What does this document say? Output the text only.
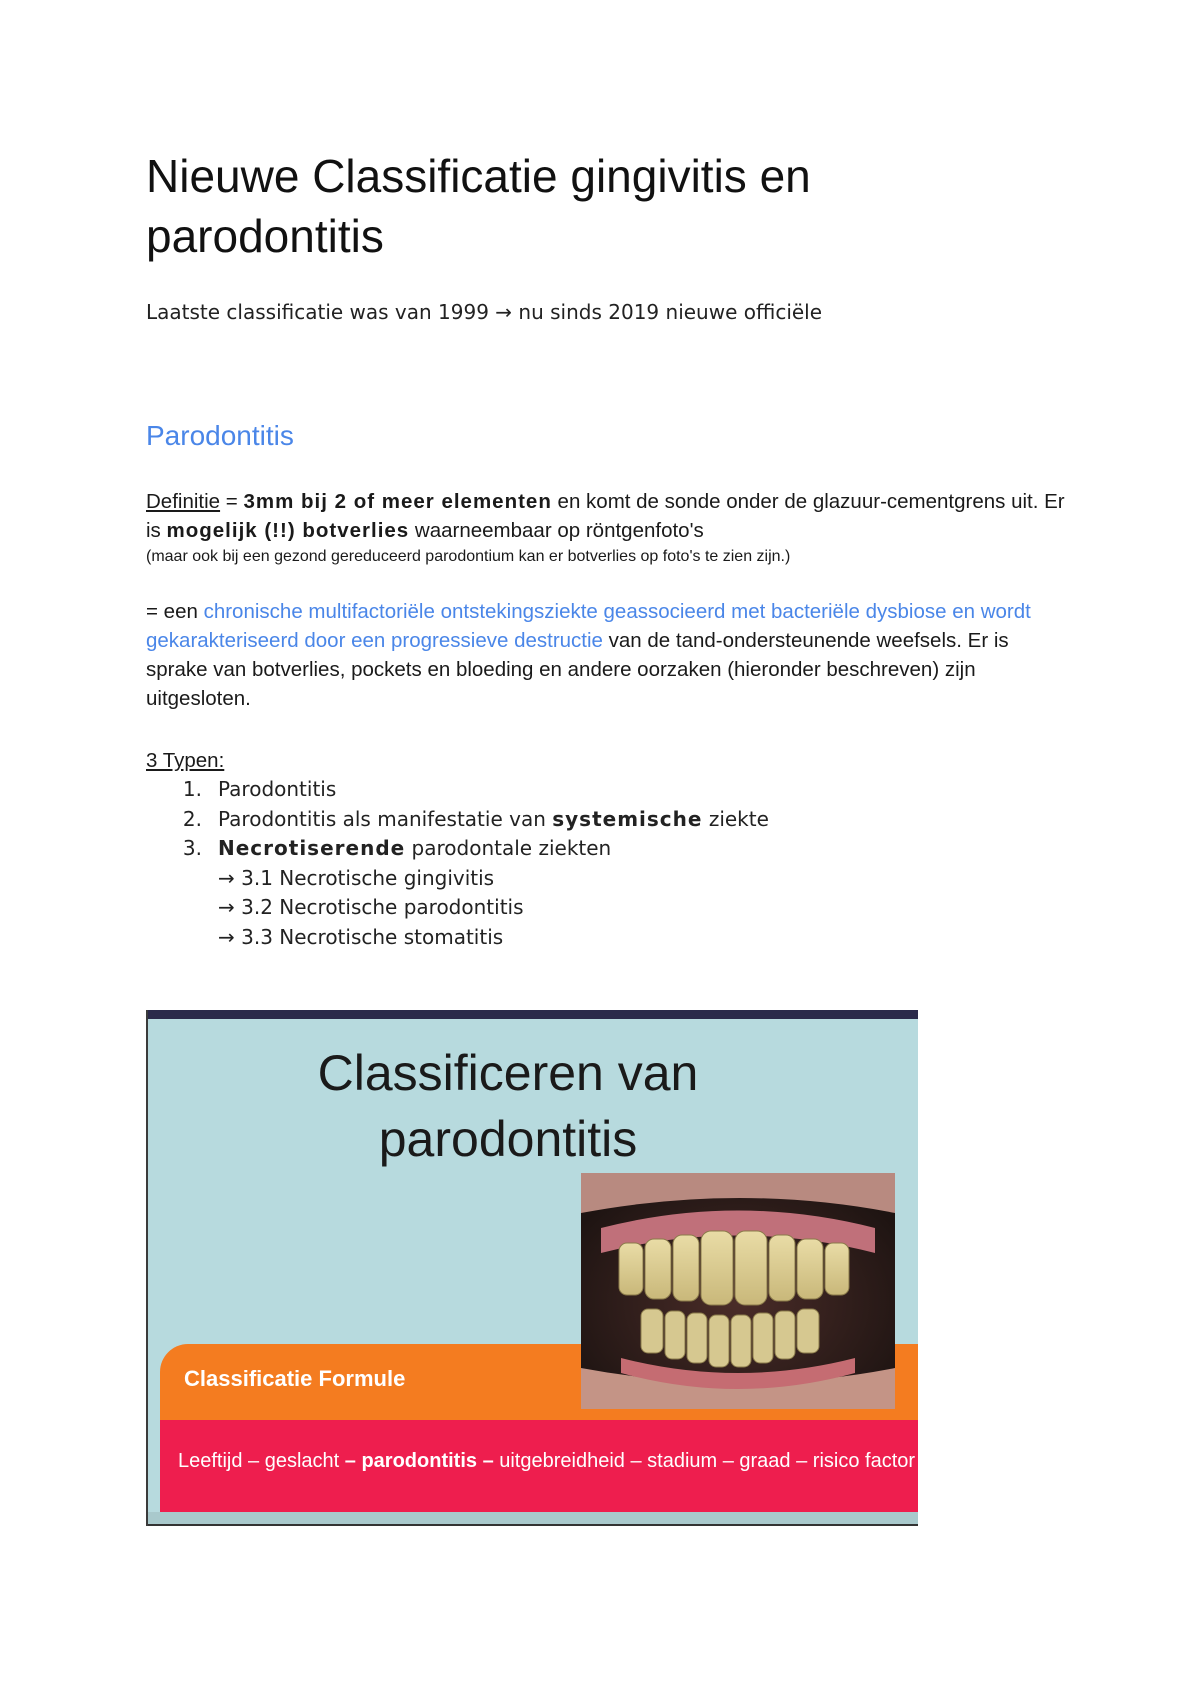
Nieuwe Classificatie gingivitis en parodontitis
Laatste classificatie was van 1999 → nu sinds 2019 nieuwe officiële
Parodontitis
Definitie = 3mm bij 2 of meer elementen en komt de sonde onder de glazuur-cementgrens uit. Er is mogelijk (!!) botverlies waarneembaar op röntgenfoto's
(maar ook bij een gezond gereduceerd parodontium kan er botverlies op foto's te zien zijn.)
= een chronische multifactoriële ontstekingsziekte geassocieerd met bacteriële dysbiose en wordt gekarakteriseerd door een progressieve destructie van de tand-ondersteunende weefsels. Er is sprake van botverlies, pockets en bloeding en andere oorzaken (hieronder beschreven) zijn uitgesloten.
3 Typen:
1. Parodontitis
2. Parodontitis als manifestatie van systemische ziekte
3. Necrotiserende parodontale ziekten
→ 3.1 Necrotische gingivitis
→ 3.2 Necrotische parodontitis
→ 3.3 Necrotische stomatitis
Classificeren van parodontitis
Classificatie Formule
Leeftijd – geslacht – parodontitis – uitgebreidheid – stadium – graad – risico factor
